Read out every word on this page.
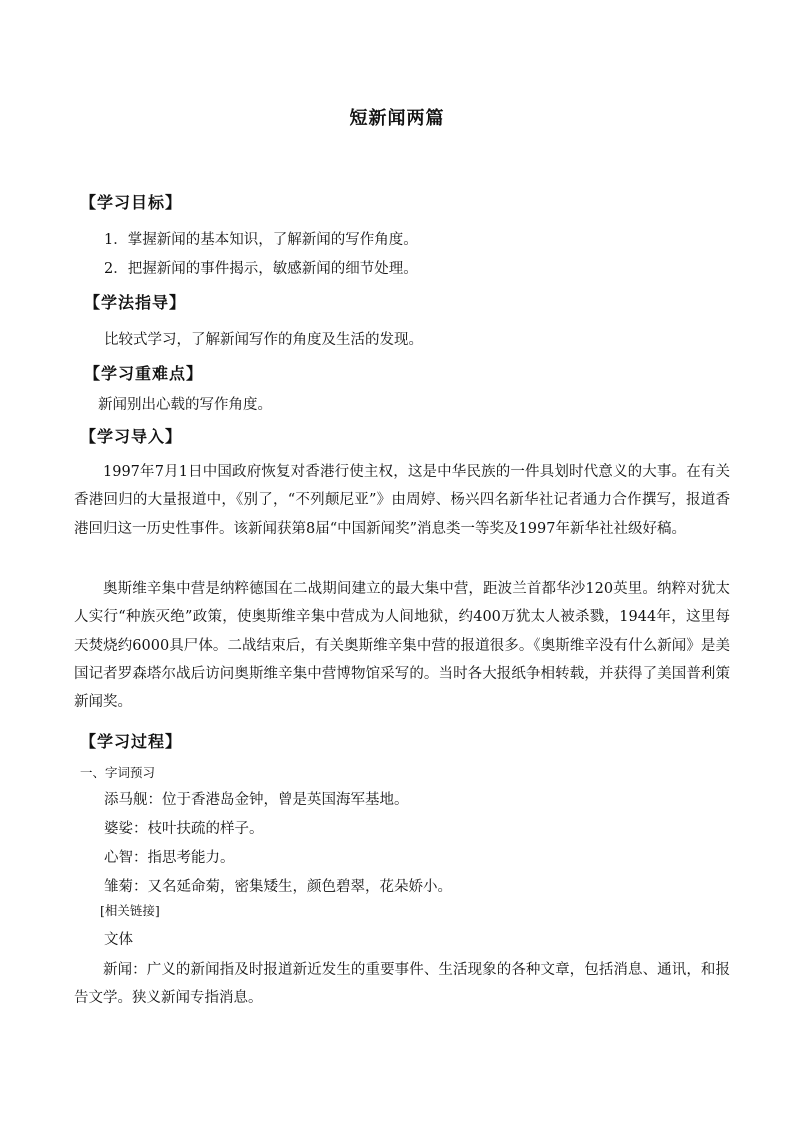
短新闻两篇
【学习目标】
1．掌握新闻的基本知识，了解新闻的写作角度。
2．把握新闻的事件揭示，敏感新闻的细节处理。
【学法指导】
比较式学习，了解新闻写作的角度及生活的发现。
【学习重难点】
新闻别出心载的写作角度。
【学习导入】
1997年7月1日中国政府恢复对香港行使主权，这是中华民族的一件具划时代意义的大事。在有关香港回归的大量报道中，《别了，“不列颠尼亚”》由周婷、杨兴四名新华社记者通力合作撰写，报道香港回归这一历史性事件。该新闻获第8届“中国新闻奖”消息类一等奖及1997年新华社社级好稿。
奥斯维辛集中营是纳粹德国在二战期间建立的最大集中营，距波兰首都华沙120英里。纳粹对犹太人实行“种族灭绝”政策，使奥斯维辛集中营成为人间地狱，约400万犹太人被杀戮，1944年，这里每天焚烧约6000具尸体。二战结束后，有关奥斯维辛集中营的报道很多。《奥斯维辛没有什么新闻》是美国记者罗森塔尔战后访问奥斯维辛集中营博物馆采写的。当时各大报纸争相转载，并获得了美国普利策新闻奖。
【学习过程】
一、字词预习
添马舰：位于香港岛金钟，曾是英国海军基地。
婆娑：枝叶扶疏的样子。
心智：指思考能力。
雏菊：又名延命菊，密集矮生，颜色碧翠，花朵娇小。
[相关链接]
文体
新闻：广义的新闻指及时报道新近发生的重要事件、生活现象的各种文章，包括消息、通讯，和报告文学。狭义新闻专指消息。
